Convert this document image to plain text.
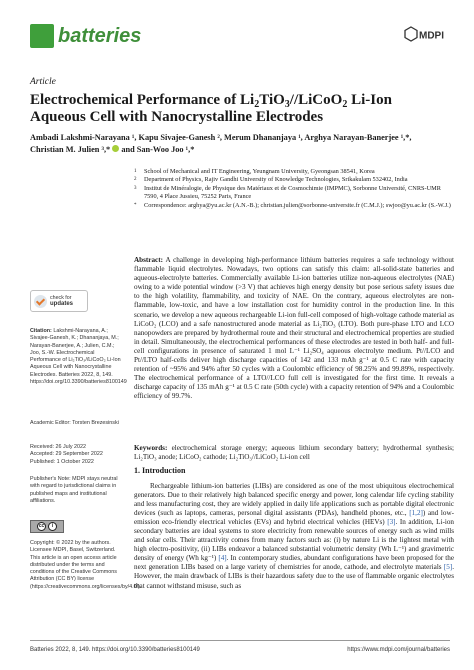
batteries	MDPI
Article
Electrochemical Performance of $Li_2TiO_3//LiCoO_2$ Li-Ion Aqueous Cell with Nanocrystalline Electrodes
Ambadi Lakshmi-Narayana ¹, Kapu Sivajee-Ganesh ², Merum Dhananjaya ¹, Arghya Narayan-Banerjee ¹,*,
Christian M. Julien ³,*  and San-Woo Joo ¹,*
1	School of Mechanical and IT Engineering, Yeungnam University, Gyeongsan 38541, Korea
2	Department of Physics, Rajiv Gandhi University of Knowledge Technologies, Srikakulam 532402, India
3	Institut de Minéralogie, de Physique des Matériaux et de Cosmochimie (IMPMC), Sorbonne Université, CNRS-UMR 7590, 4 Place Jussieu, 75252 Paris, France
*	Correspondence: arghya@yu.ac.kr (A.N.-B.); christian.julien@sorbonne-universite.fr (C.M.J.); swjoo@yu.ac.kr (S.-W.J.)
Abstract: A challenge in developing high-performance lithium batteries requires a safe technology without flammable liquid electrolytes. Nowadays, two options can satisfy this claim: all-solid-state batteries and aqueous-electrolyte batteries. Commercially available Li-ion batteries utilize non-aqueous electrolytes (NAE) owing to a wide potential window (>3 V) that achieves high energy density but pose serious safety issues due to the high volatility, flammability, and toxicity of NAE. On the contrary, aqueous electrolytes are non-flammable, low-toxic, and have a low installation cost for humidity control in the production line. In this scenario, we develop a new aqueous rechargeable Li-ion full-cell composed of high-voltage cathode material as LiCoO₂ (LCO) and a safe nanostructured anode material as Li₂TiO₃ (LTO). Both pure-phase LTO and LCO nanopowders are prepared by hydrothermal route and their structural and electrochemical properties are studied in detail. Simultaneously, the electrochemical performances of these electrodes are tested in both half- and full-cell configurations in presence of saturated 1 mol L⁻¹ Li₂SO₄ aqueous electrolyte medium. Pt//LCO and Pt//LTO half-cells deliver high discharge capacities of 142 and 133 mAh g⁻¹ at 0.5 C rate with capacity retention of ~95% and 94% after 50 cycles with a Coulombic efficiency of 98.25% and 99.89%, respectively. The electrochemical performance of a LTO//LCO full cell is investigated for the first time. It reveals a discharge capacity of 135 mAh g⁻¹ at 0.5 C rate (50th cycle) with a capacity retention of 94% and a Coulombic efficiency of 99.7%.
Keywords: electrochemical storage energy; aqueous lithium secondary battery; hydrothermal synthesis; Li₂TiO₃ anode; LiCoO₂ cathode; Li₂TiO₃//LiCoO₂ Li-ion cell
1. Introduction
Rechargeable lithium-ion batteries (LIBs) are considered as one of the most ubiquitous electrochemical generators. Due to their relatively high balanced specific energy and power, long calendar life cycling stability and less manufacturing cost, they are widely applied in daily life applications such as portable digital electronic devices (such as laptops, cameras, personal digital assistants (PDAs), handheld phones, etc., [1,2]) and low-emission eco-friendly electrical vehicles (EVs) and hybrid electrical vehicles (HEVs) [3]. In addition, Li-ion secondary batteries are ideal systems to store electricity from renewable sources of energy such as wind mills and solar cells. Their attractivity comes from many factors such as: (i) by nature Li is the lightest metal with high electro-positivity, (ii) LIBs endeavor a balanced substantial volumetric density (Wh L⁻¹) and gravimetric density of energy (Wh kg⁻¹) [4]. In contemporary studies, abundant configurations have been proposed for the next generation LIBs based on a large variety of chemistries for anode, cathode, and electrolyte materials [5]. However, the main drawback of LIBs is their hazardous safety due to the use of flammable organic electrolytes that cannot withstand misuse, such as
check for
updates
Citation: Lakshmi-Narayana, A.; Sivajee-Ganesh, K.; Dhananjaya, M.; Narayan-Banerjee, A.; Julien, C.M.; Joo, S.-W. Electrochemical Performance of Li₂TiO₃//LiCoO₂ Li-Ion Aqueous Cell with Nanocrystalline Electrodes. Batteries 2022, 8, 149. https://doi.org/10.3390/batteries8100149
Academic Editor: Torsten Brezesinski
Received: 26 July 2022
Accepted: 29 September 2022
Published: 1 October 2022
Publisher's Note: MDPI stays neutral with regard to jurisdictional claims in published maps and institutional affiliations.
cc	i
Copyright: © 2022 by the authors. Licensee MDPI, Basel, Switzerland. This article is an open access article distributed under the terms and conditions of the Creative Commons Attribution (CC BY) license (https://creativecommons.org/licenses/by/4.0/).
Batteries 2022, 8, 149. https://doi.org/10.3390/batteries8100149	https://www.mdpi.com/journal/batteries
